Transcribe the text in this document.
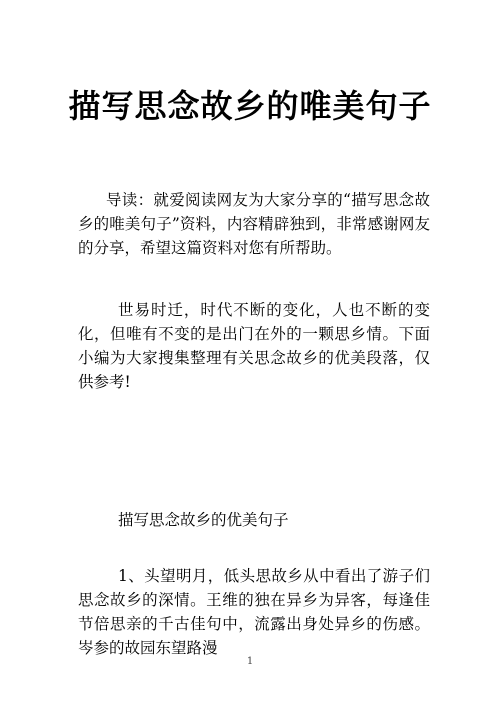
描写思念故乡的唯美句子

导读：就爱阅读网友为大家分享的“描写思念故乡的唯美句子”资料，内容精辟独到，非常感谢网友的分享，希望这篇资料对您有所帮助。

世易时迁，时代不断的变化，人也不断的变化，但唯有不变的是出门在外的一颗思乡情。下面小编为大家搜集整理有关思念故乡的优美段落，仅供参考!

描写思念故乡的优美句子

1、头望明月，低头思故乡从中看出了游子们思念故乡的深情。王维的独在异乡为异客，每逢佳节倍思亲的千古佳句中，流露出身处异乡的伤感。岑参的故园东望路漫

1
